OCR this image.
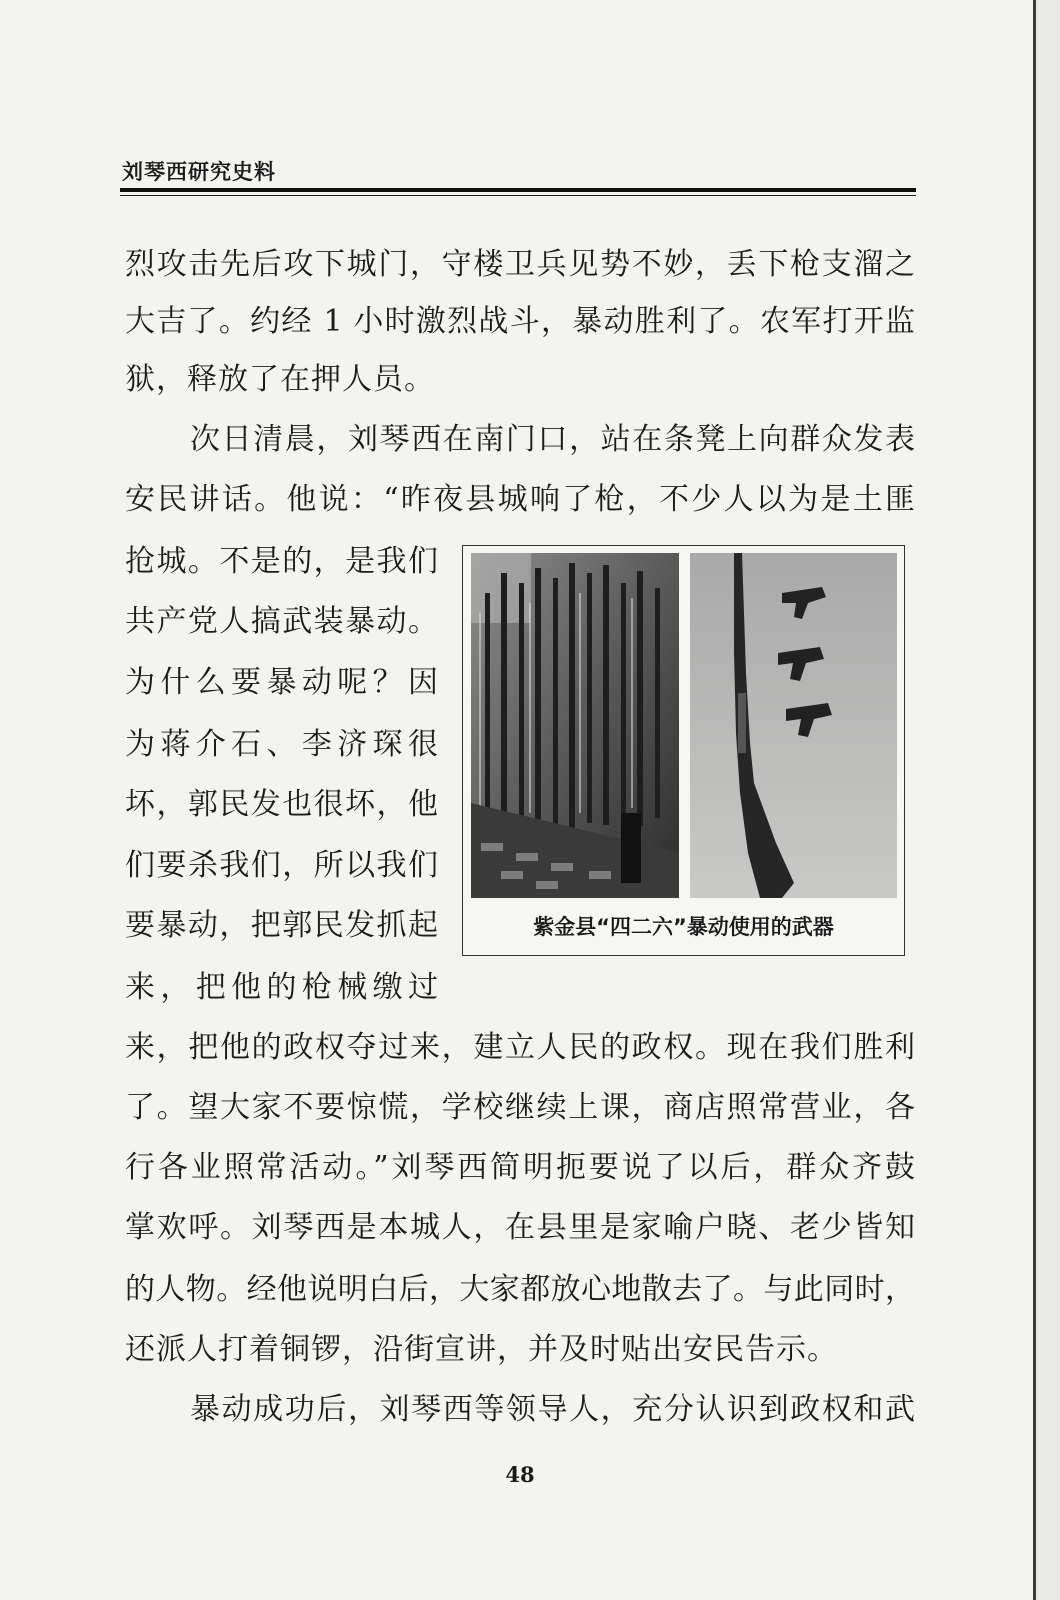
刘琴西研究史料
烈攻击先后攻下城门，守楼卫兵见势不妙，丢下枪支溜之
大吉了。约经 1 小时激烈战斗，暴动胜利了。农军打开监
狱，释放了在押人员。
次日清晨，刘琴西在南门口，站在条凳上向群众发表
安民讲话。他说：“昨夜县城响了枪，不少人以为是土匪
抢城。不是的，是我们
共产党人搞武装暴动。
为什么要暴动呢？因
为蒋介石、李济琛很
坏，郭民发也很坏，他
们要杀我们，所以我们
要暴动，把郭民发抓起
来，把他的枪械缴过
紫金县“四二六”暴动使用的武器
来，把他的政权夺过来，建立人民的政权。现在我们胜利
了。望大家不要惊慌，学校继续上课，商店照常营业，各
行各业照常活动。”刘琴西简明扼要说了以后，群众齐鼓
掌欢呼。刘琴西是本城人，在县里是家喻户晓、老少皆知
的人物。经他说明白后，大家都放心地散去了。与此同时，
还派人打着铜锣，沿街宣讲，并及时贴出安民告示。
暴动成功后，刘琴西等领导人，充分认识到政权和武
48
